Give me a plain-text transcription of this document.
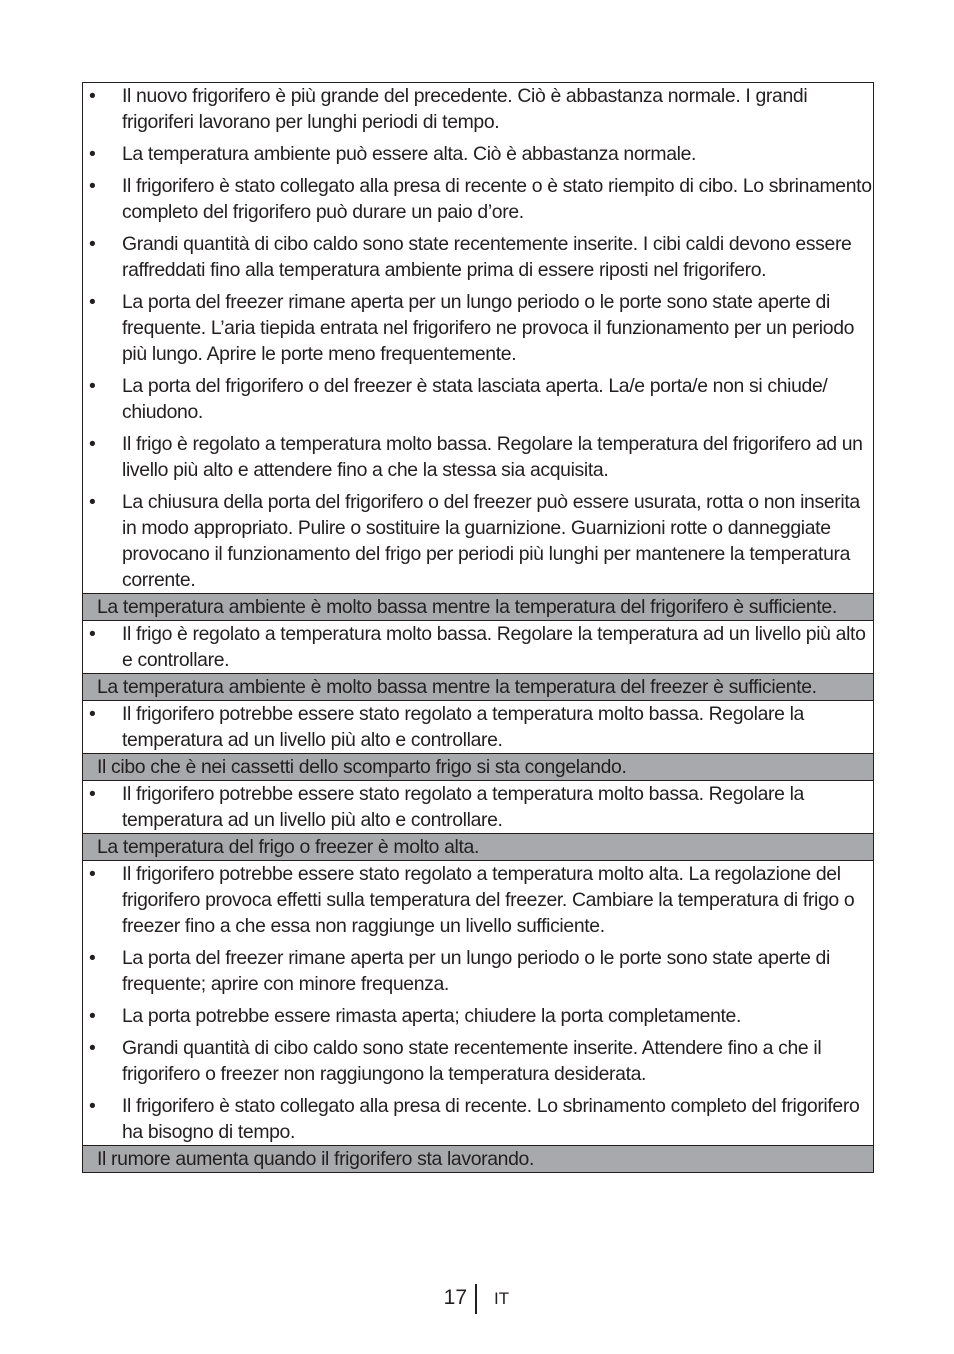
•	Il nuovo frigorifero è più grande del precedente. Ciò è abbastanza normale. I grandi frigoriferi lavorano per lunghi periodi di tempo.
•	La temperatura ambiente può essere alta. Ciò è abbastanza normale.
•	Il frigorifero è stato collegato alla presa di recente o è stato riempito di cibo. Lo sbrinamento completo del frigorifero può durare un paio d’ore.
•	Grandi quantità di cibo caldo sono state recentemente inserite. I cibi caldi devono essere raffreddati fino alla temperatura ambiente prima di essere riposti nel frigorifero.
•	La porta del freezer rimane aperta per un lungo periodo o le porte sono state aperte di frequente. L’aria tiepida entrata nel frigorifero ne provoca il funzionamento per un periodo più lungo. Aprire le porte meno frequentemente.
•	La porta del frigorifero o del freezer è stata lasciata aperta. La/e porta/e non si chiude/ chiudono.
•	Il frigo è regolato a temperatura molto bassa. Regolare la temperatura del frigorifero ad un livello più alto e attendere fino a che la stessa sia acquisita.
•	La chiusura della porta del frigorifero o del freezer può essere usurata, rotta o non inserita in modo appropriato. Pulire o sostituire la guarnizione. Guarnizioni rotte o danneggiate provocano il funzionamento del frigo per periodi più lunghi per mantenere la temperatura corrente.

La temperatura ambiente è molto bassa mentre la temperatura del frigorifero è sufficiente.

•	Il frigo è regolato a temperatura molto bassa. Regolare la temperatura ad un livello più alto e controllare.

La temperatura ambiente è molto bassa mentre la temperatura del freezer è sufficiente.

•	Il frigorifero potrebbe essere stato regolato a temperatura molto bassa. Regolare la temperatura ad un livello più alto e controllare.

Il cibo che è nei cassetti dello scomparto frigo si sta congelando.

•	Il frigorifero potrebbe essere stato regolato a temperatura molto bassa. Regolare la temperatura ad un livello più alto e controllare.

La temperatura del frigo o freezer è molto alta.

•	Il frigorifero potrebbe essere stato regolato a temperatura molto alta. La regolazione del frigorifero provoca effetti sulla temperatura del freezer. Cambiare la temperatura di frigo o freezer fino a che essa non raggiunge un livello sufficiente.
•	La porta del freezer rimane aperta per un lungo periodo o le porte sono state aperte di frequente; aprire con minore frequenza.
•	La porta potrebbe essere rimasta aperta; chiudere la porta completamente.
•	Grandi quantità di cibo caldo sono state recentemente inserite. Attendere fino a che il frigorifero o freezer non raggiungono la temperatura desiderata.
•	Il frigorifero è stato collegato alla presa di recente. Lo sbrinamento completo del frigorifero ha bisogno di tempo.

Il rumore aumenta quando il frigorifero sta lavorando.
17 IT
